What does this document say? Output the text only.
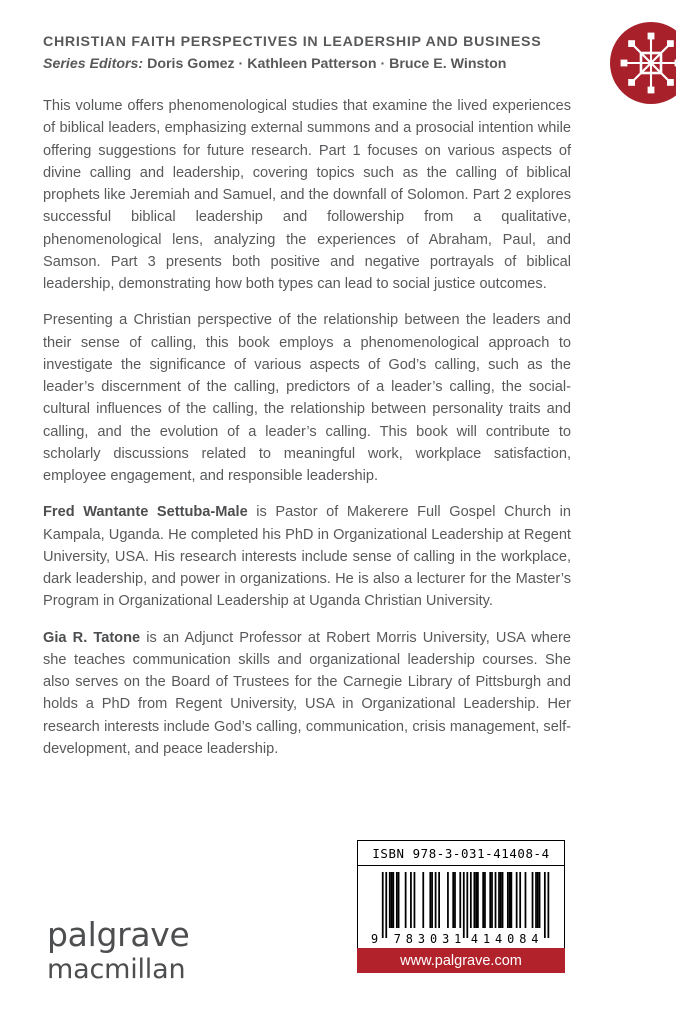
CHRISTIAN FAITH PERSPECTIVES IN LEADERSHIP AND BUSINESS
Series Editors: Doris Gomez · Kathleen Patterson · Bruce E. Winston

This volume offers phenomenological studies that examine the lived experiences of biblical leaders, emphasizing external summons and a prosocial intention while offering suggestions for future research. Part 1 focuses on various aspects of divine calling and leadership, covering topics such as the calling of biblical prophets like Jeremiah and Samuel, and the downfall of Solomon. Part 2 explores successful biblical leadership and followership from a qualitative, phenomenological lens, analyzing the experiences of Abraham, Paul, and Samson. Part 3 presents both positive and negative portrayals of biblical leadership, demonstrating how both types can lead to social justice outcomes.

Presenting a Christian perspective of the relationship between the leaders and their sense of calling, this book employs a phenomenological approach to investigate the significance of various aspects of God’s calling, such as the leader’s discernment of the calling, predictors of a leader’s calling, the social-cultural influences of the calling, the relationship between personality traits and calling, and the evolution of a leader’s calling. This book will contribute to scholarly discussions related to meaningful work, workplace satisfaction, employee engagement, and responsible leadership.

Fred Wantante Settuba-Male is Pastor of Makerere Full Gospel Church in Kampala, Uganda. He completed his PhD in Organizational Leadership at Regent University, USA. His research interests include sense of calling in the workplace, dark leadership, and power in organizations. He is also a lecturer for the Master’s Program in Organizational Leadership at Uganda Christian University.

Gia R. Tatone is an Adjunct Professor at Robert Morris University, USA where she teaches communication skills and organizational leadership courses. She also serves on the Board of Trustees for the Carnegie Library of Pittsburgh and holds a PhD from Regent University, USA in Organizational Leadership. Her research interests include God’s calling, communication, crisis management, self-development, and peace leadership.

palgrave
macmillan
ISBN 978-3-031-41408-4
9 783031 414084
www.palgrave.com
